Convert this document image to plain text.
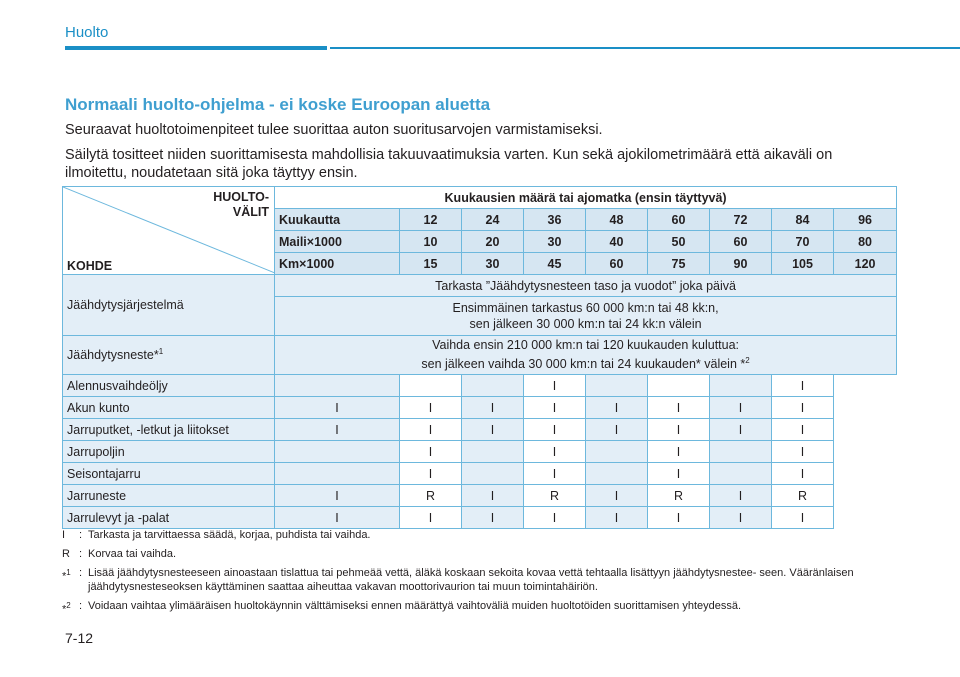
Huolto
Normaali huolto-ohjelma - ei koske Euroopan aluetta
Seuraavat huoltotoimenpiteet tulee suorittaa auton suoritusarvojen varmistamiseksi.
Säilytä tositteet niiden suorittamisesta mahdollisia takuuvaatimuksia varten. Kun sekä ajokilometrimäärä että aikaväli on ilmoitettu, noudatetaan sitä joka täyttyy ensin.
HUOLTO-
VÄLIT
KOHDE	Kuukausien määrä tai ajomatka (ensin täyttyvä)								
	Kuukautta	12	24	36	48	60	72	84	96
	Maili×1000	10	20	30	40	50	60	70	80
	Km×1000	15	30	45	60	75	90	105	120
Jäähdytysjärjestelmä	Tarkasta ”Jäähdytysnesteen taso ja vuodot” joka päivä								

	Ensimmäinen tarkastus 60 000 km:n tai 48 kk:n,
sen jälkeen 30 000 km:n tai 24 kk:n välein								

Jäähdytysneste*$^1$	Vaihda ensin 210 000 km:n tai 120 kuukauden kuluttua:
sen jälkeen vaihda 30 000 km:n tai 24 kuukauden* välein *$^2$

Alennusvaihdeöljy				I				I	
Akun kunto	I	I	I	I	I	I	I	I	
Jarruputket, -letkut ja liitokset	I	I	I	I	I	I	I	I	
Jarrupoljin		I		I		I		I	
Seisontajarru		I		I		I		I	
Jarruneste	I	R	I	R	I	R	I	R	
Jarrulevyt ja -palat	I	I	I	I	I	I	I	I	
I	: Tarkasta ja tarvittaessa säädä, korjaa, puhdista tai vaihda.
R : Korvaa tai vaihda.
*$^1$ : Lisää jäähdytysnesteeseen ainoastaan tislattua tai pehmeää vettä, äläkä koskaan sekoita kovaa vettä tehtaalla lisättyyn jäähdytysnestee- seen. Vääränlaisen jäähdytysnesteseoksen käyttäminen saattaa aiheuttaa vakavan moottorivaurion tai muun toimintahäiriön.
*$^2$ : Voidaan vaihtaa ylimääräisen huoltokäynnin välttämiseksi ennen määrättyä vaihtoväliä muiden huoltotöiden suorittamisen yhteydessä.
7-12
